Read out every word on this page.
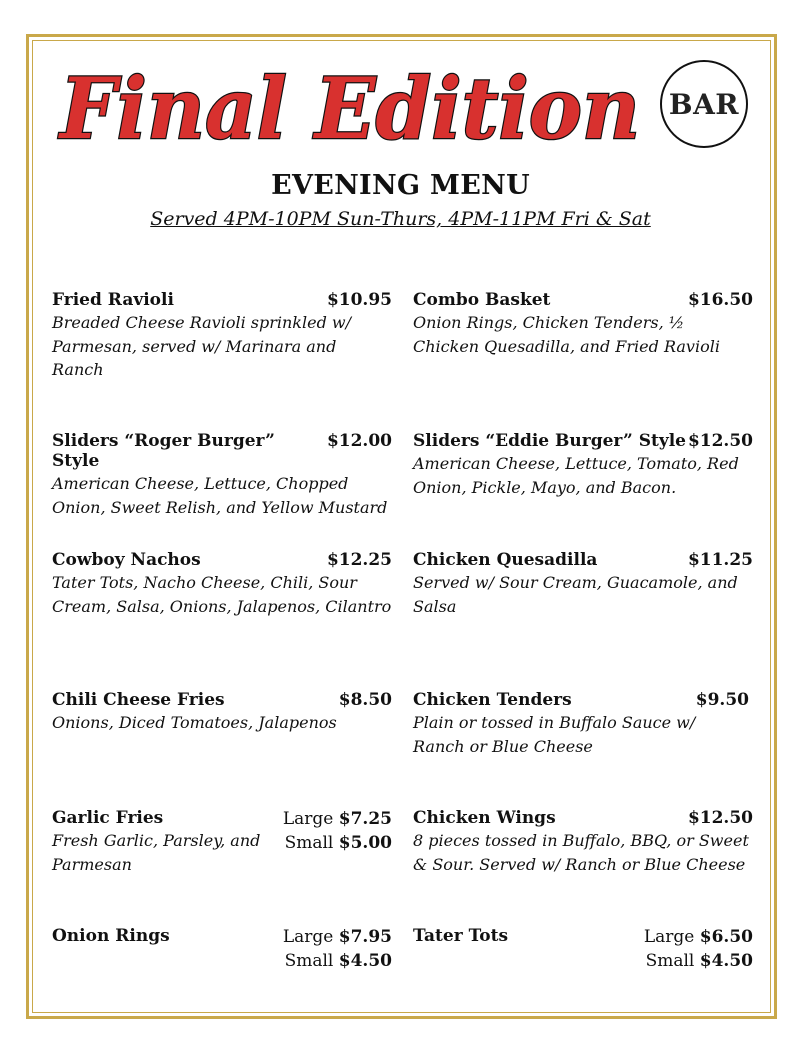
Final Edition BAR
EVENING MENU
Served 4PM-10PM Sun-Thurs, 4PM-11PM Fri & Sat
Fried Ravioli	$10.95
Breaded Cheese Ravioli sprinkled w/ Parmesan, served w/ Marinara and Ranch
Combo Basket	$16.50
Onion Rings, Chicken Tenders, ½ Chicken Quesadilla, and Fried Ravioli
Sliders “Roger Burger” Style
$12.00
American Cheese, Lettuce, Chopped Onion, Sweet Relish, and Yellow Mustard
Sliders “Eddie Burger” Style $12.50
American Cheese, Lettuce, Tomato, Red Onion, Pickle, Mayo, and Bacon.
Cowboy Nachos	$12.25
Tater Tots, Nacho Cheese, Chili, Sour Cream, Salsa, Onions, Jalapenos, Cilantro
Chicken Quesadilla	$11.25
Served w/ Sour Cream, Guacamole, and Salsa
Chili Cheese Fries	$8.50
Onions, Diced Tomatoes, Jalapenos
Chicken Tenders	$9.50
Plain or tossed in Buffalo Sauce w/ Ranch or Blue Cheese
Garlic Fries
Fresh Garlic, Parsley, and Parmesan
Large $7.25
Small $5.00
Chicken Wings	$12.50
8 pieces tossed in Buffalo, BBQ, or Sweet & Sour. Served w/ Ranch or Blue Cheese
Onion Rings	Large $7.95
Small $4.50
Tater Tots	Large $6.50
Small $4.50
